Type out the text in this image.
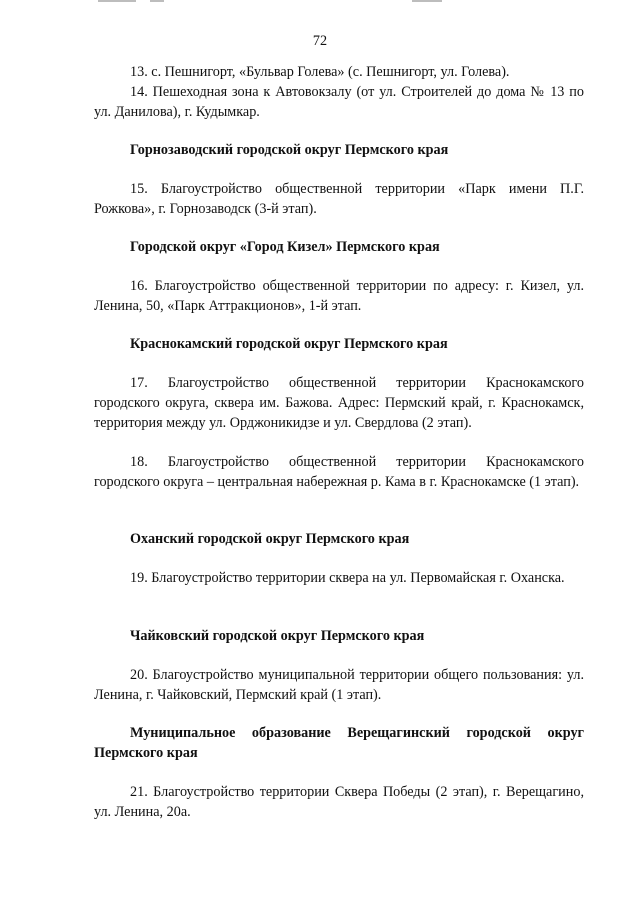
72

13. с. Пешнигорт, «Бульвар Голева» (с. Пешнигорт, ул. Голева).

14. Пешеходная зона к Автовокзалу (от ул. Строителей до дома № 13 по ул. Данилова), г. Кудымкар.

Горнозаводский городской округ Пермского края

15. Благоустройство общественной территории «Парк имени П.Г. Рожкова», г. Горнозаводск (3-й этап).

Городской округ «Город Кизел» Пермского края

16. Благоустройство общественной территории по адресу: г. Кизел, ул. Ленина, 50, «Парк Аттракционов», 1-й этап.

Краснокамский городской округ Пермского края

17. Благоустройство общественной территории Краснокамского городского округа, сквера им. Бажова. Адрес: Пермский край, г. Краснокамск, территория между ул. Орджоникидзе и ул. Свердлова (2 этап).

18. Благоустройство общественной территории Краснокамского городского округа – центральная набережная р. Кама в г. Краснокамске (1 этап).

Оханский городской округ Пермского края

19. Благоустройство территории сквера на ул. Первомайская г. Оханска.

Чайковский городской округ Пермского края

20. Благоустройство муниципальной территории общего пользования: ул. Ленина, г. Чайковский, Пермский край (1 этап).

Муниципальное образование Верещагинский городской округ Пермского края

21. Благоустройство территории Сквера Победы (2 этап), г. Верещагино, ул. Ленина, 20а.
